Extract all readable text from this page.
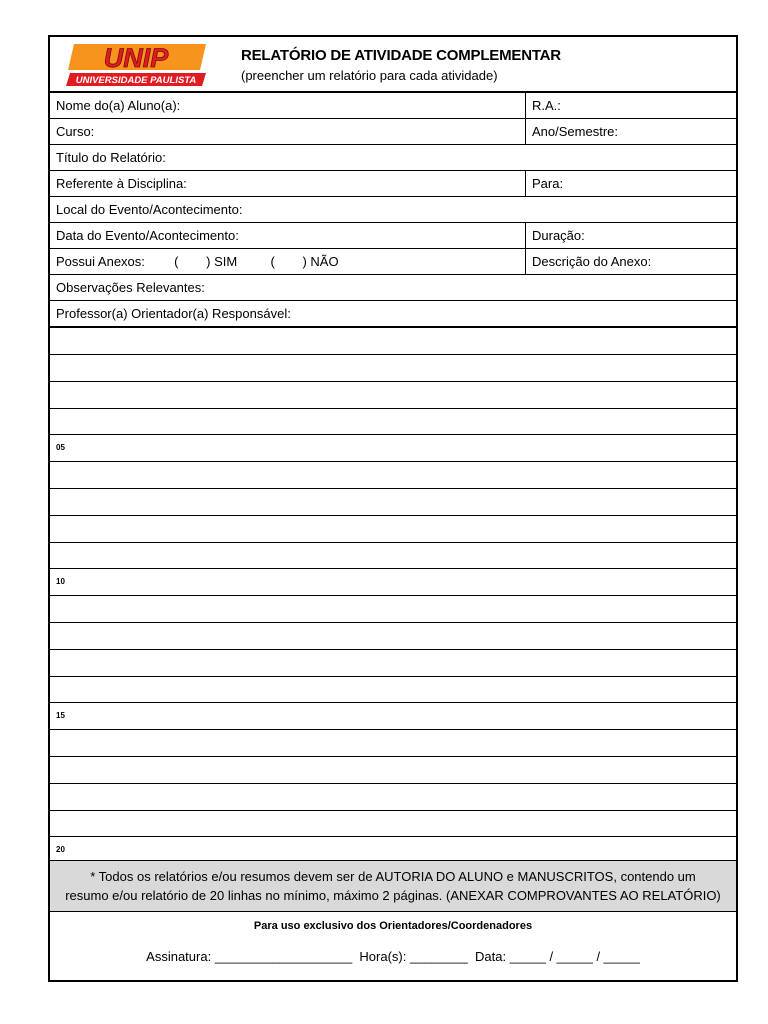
UNIP
UNIVERSIDADE PAULISTA
RELATÓRIO DE ATIVIDADE COMPLEMENTAR
(preencher um relatório para cada atividade)
Nome do(a) Aluno(a):	R.A.:
Curso:	Ano/Semestre:
Título do Relatório:
Referente à Disciplina:	Para:
Local do Evento/Acontecimento:
Data do Evento/Acontecimento:	Duração:
Possui Anexos: ( ) SIM	( ) NÃO	Descrição do Anexo:
Observações Relevantes:
Professor(a) Orientador(a) Responsável:
05
10
15
20
* Todos os relatórios e/ou resumos devem ser de AUTORIA DO ALUNO e MANUSCRITOS, contendo um
resumo e/ou relatório de 20 linhas no mínimo, máximo 2 páginas. (ANEXAR COMPROVANTES AO RELATÓRIO)
Para uso exclusivo dos Orientadores/Coordenadores
Assinatura: ___________________  Hora(s): ________  Data: _____ / _____ / _____
